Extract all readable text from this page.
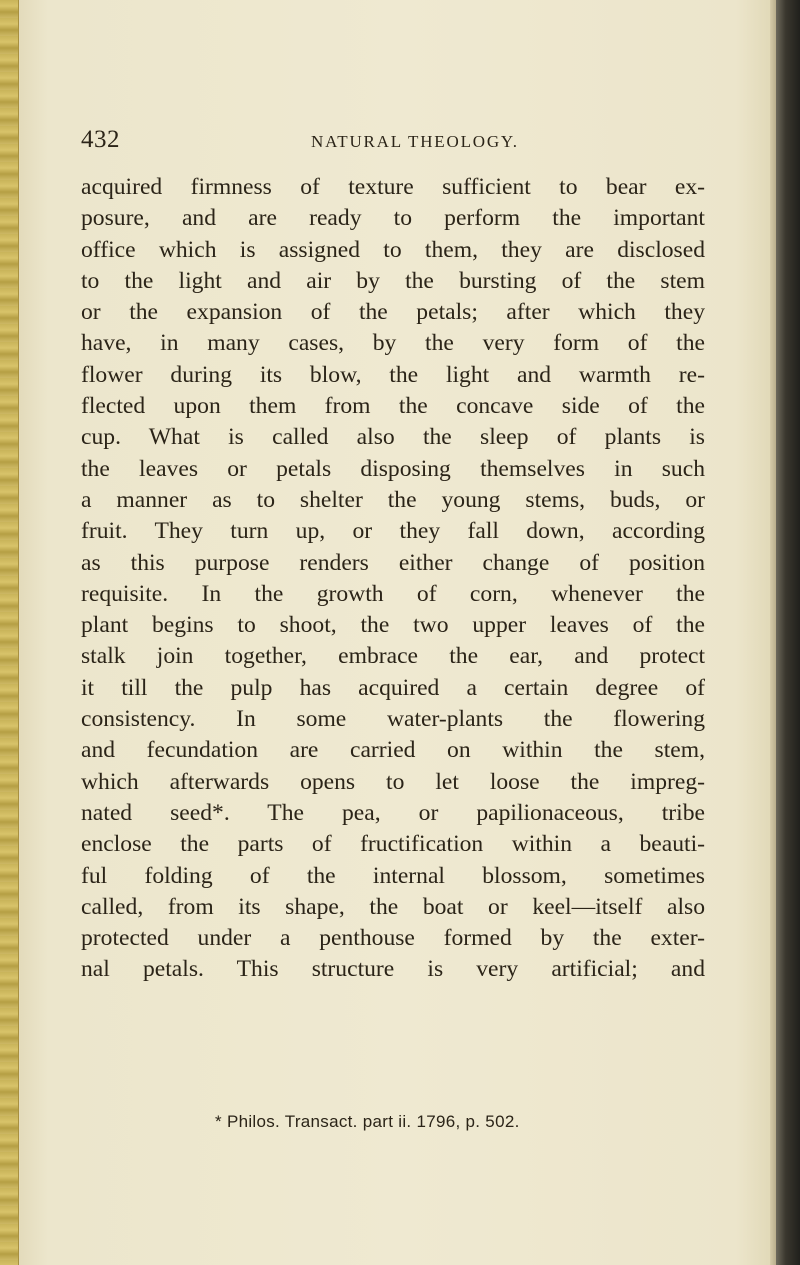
432	NATURAL THEOLOGY.
acquired firmness of texture sufficient to bear ex-
posure, and are ready to perform the important
office which is assigned to them, they are disclosed
to the light and air by the bursting of the stem
or the expansion of the petals; after which they
have, in many cases, by the very form of the
flower during its blow, the light and warmth re-
flected upon them from the concave side of the
cup. What is called also the sleep of plants is
the leaves or petals disposing themselves in such
a manner as to shelter the young stems, buds, or
fruit. They turn up, or they fall down, according
as this purpose renders either change of position
requisite. In the growth of corn, whenever the
plant begins to shoot, the two upper leaves of the
stalk join together, embrace the ear, and protect
it till the pulp has acquired a certain degree of
consistency. In some water-plants the flowering
and fecundation are carried on within the stem,
which afterwards opens to let loose the impreg-
nated seed*. The pea, or papilionaceous, tribe
enclose the parts of fructification within a beauti-
ful folding of the internal blossom, sometimes
called, from its shape, the boat or keel—itself also
protected under a penthouse formed by the exter-
nal petals. This structure is very artificial; and
* Philos. Transact. part ii. 1796, p. 502.
